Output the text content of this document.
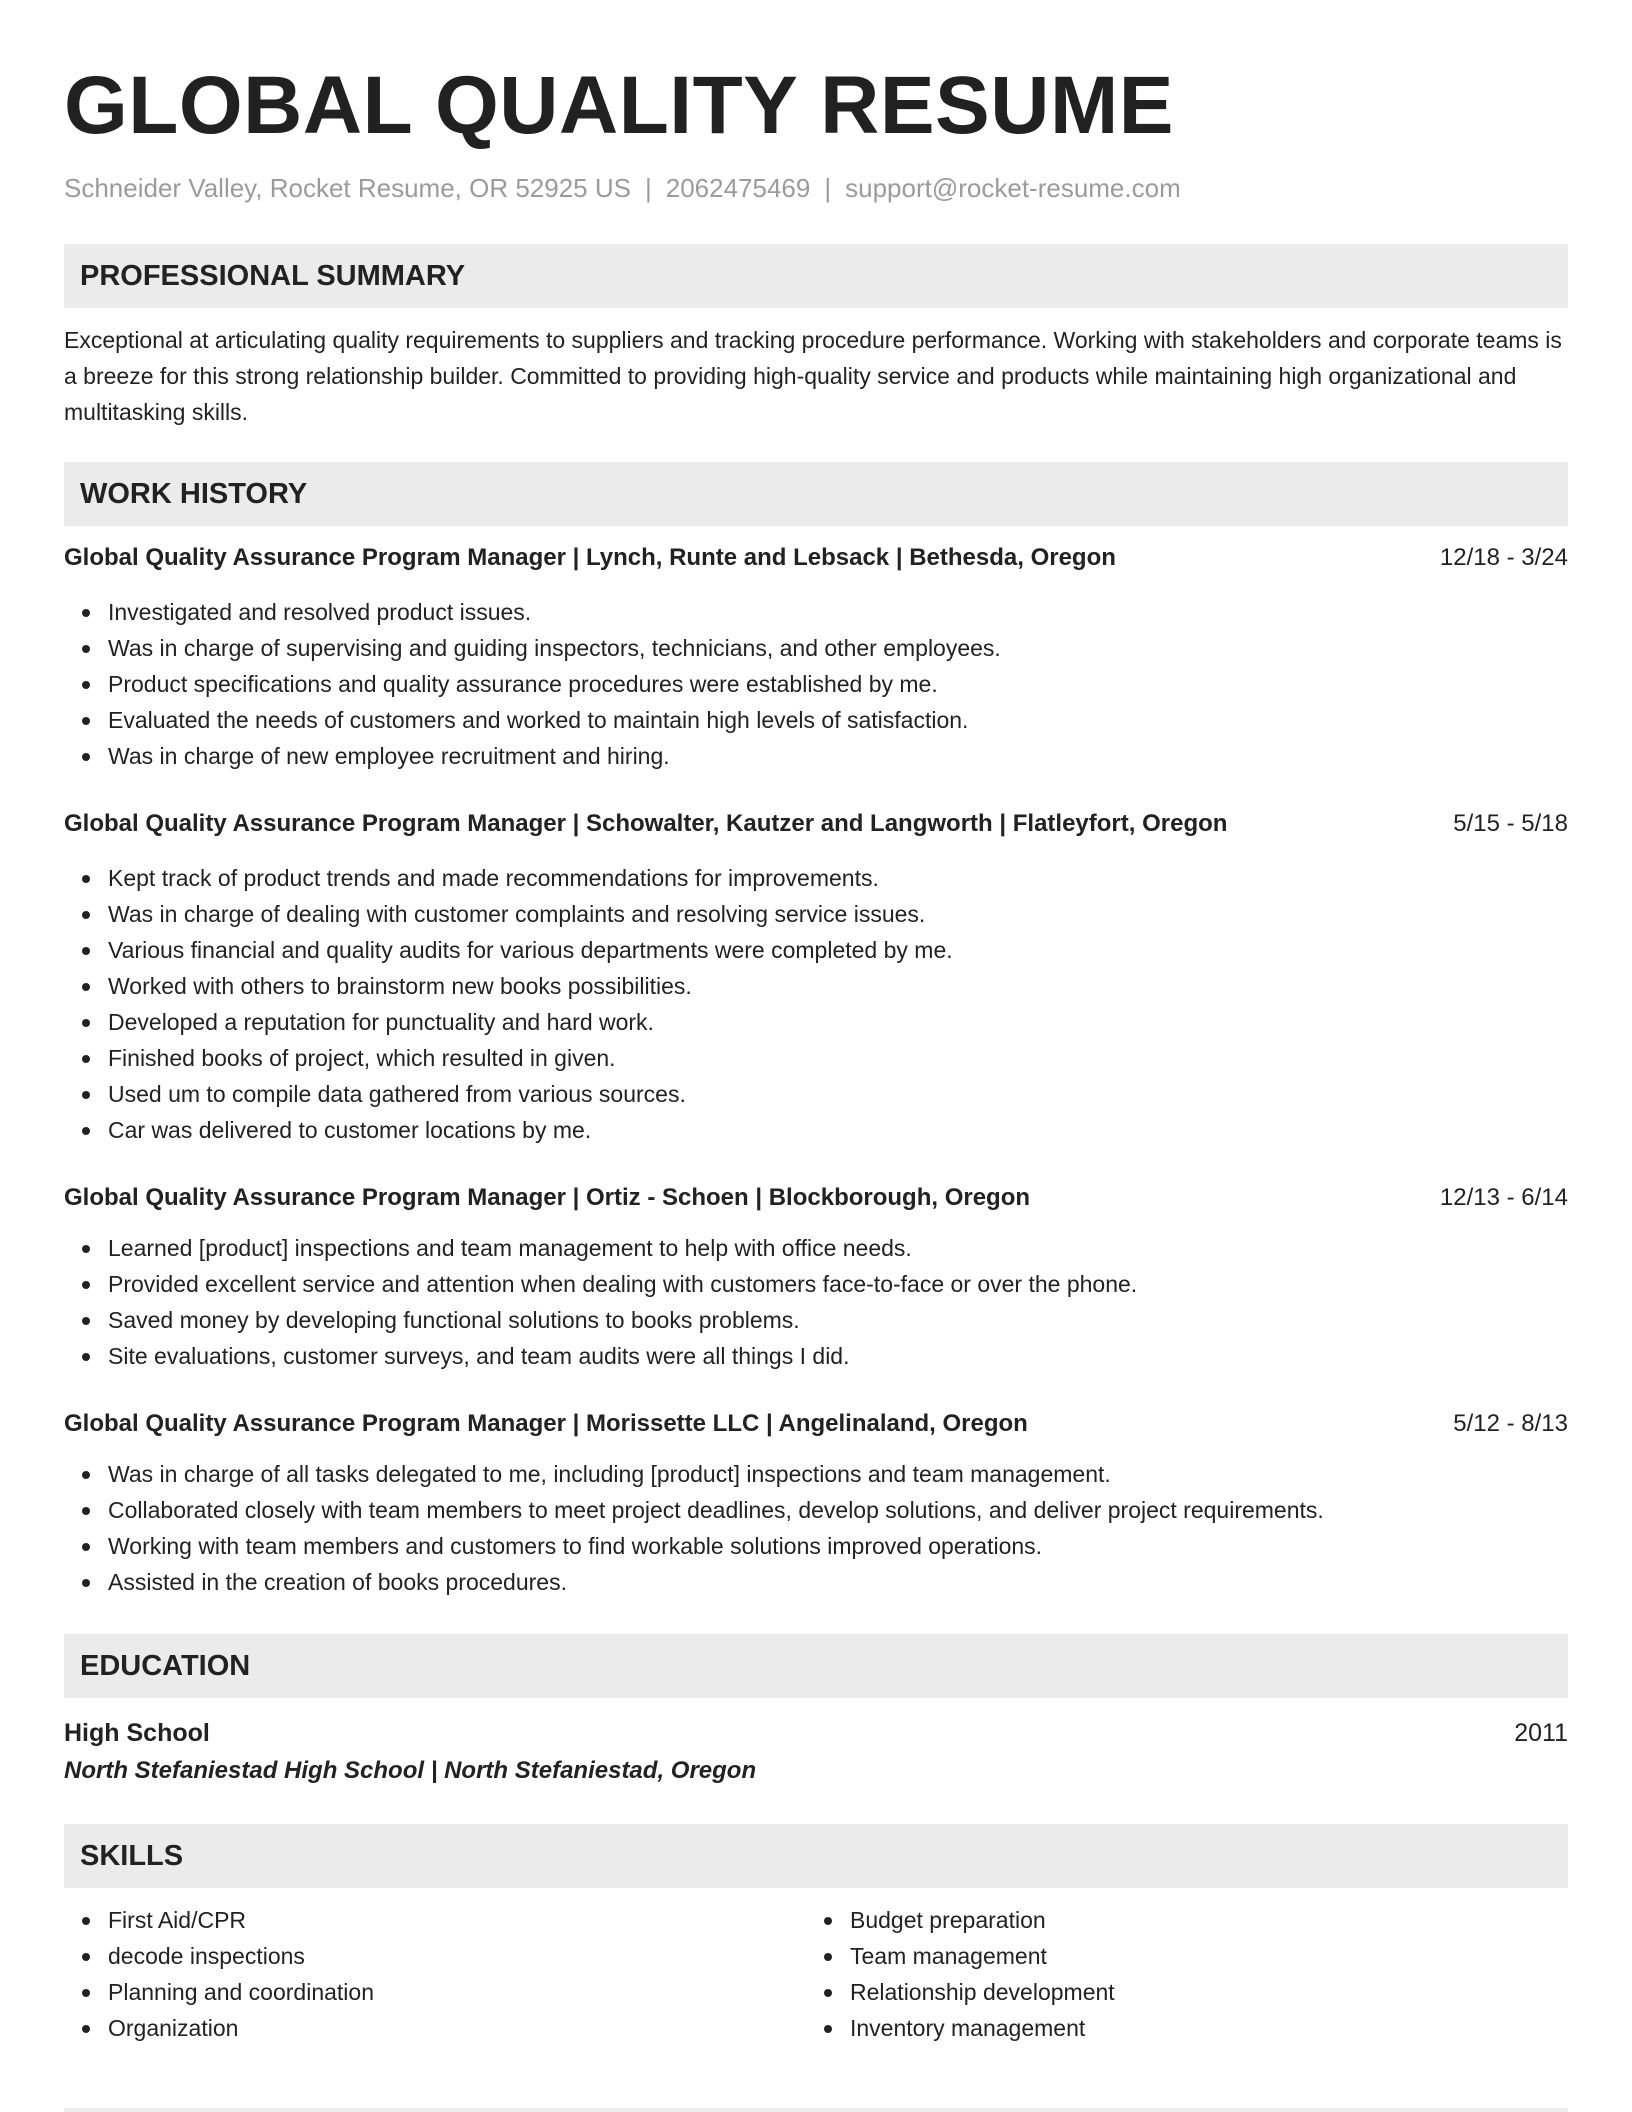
GLOBAL QUALITY RESUME
Schneider Valley, Rocket Resume, OR 52925 US | 2062475469 | support@rocket-resume.com
PROFESSIONAL SUMMARY

Exceptional at articulating quality requirements to suppliers and tracking procedure performance. Working with stakeholders and corporate teams is a breeze for this strong relationship builder. Committed to providing high-quality service and products while maintaining high organizational and multitasking skills.

WORK HISTORY
Global Quality Assurance Program Manager | Lynch, Runte and Lebsack | Bethesda, Oregon	12/18 - 3/24
Investigated and resolved product issues.
Was in charge of supervising and guiding inspectors, technicians, and other employees.
Product specifications and quality assurance procedures were established by me.
Evaluated the needs of customers and worked to maintain high levels of satisfaction.
Was in charge of new employee recruitment and hiring.
Global Quality Assurance Program Manager | Schowalter, Kautzer and Langworth | Flatleyfort, Oregon	5/15 - 5/18
Kept track of product trends and made recommendations for improvements.
Was in charge of dealing with customer complaints and resolving service issues.
Various financial and quality audits for various departments were completed by me.
Worked with others to brainstorm new books possibilities.
Developed a reputation for punctuality and hard work.
Finished books of project, which resulted in given.
Used um to compile data gathered from various sources.
Car was delivered to customer locations by me.
Global Quality Assurance Program Manager | Ortiz - Schoen | Blockborough, Oregon	12/13 - 6/14
Learned [product] inspections and team management to help with office needs.
Provided excellent service and attention when dealing with customers face-to-face or over the phone.
Saved money by developing functional solutions to books problems.
Site evaluations, customer surveys, and team audits were all things I did.
Global Quality Assurance Program Manager | Morissette LLC | Angelinaland, Oregon	5/12 - 8/13
Was in charge of all tasks delegated to me, including [product] inspections and team management.
Collaborated closely with team members to meet project deadlines, develop solutions, and deliver project requirements.
Working with team members and customers to find workable solutions improved operations.
Assisted in the creation of books procedures.
EDUCATION
High School	2011
North Stefaniestad High School | North Stefaniestad, Oregon
SKILLS
First Aid/CPR
decode inspections
Planning and coordination
Organization
Budget preparation
Team management
Relationship development
Inventory management
